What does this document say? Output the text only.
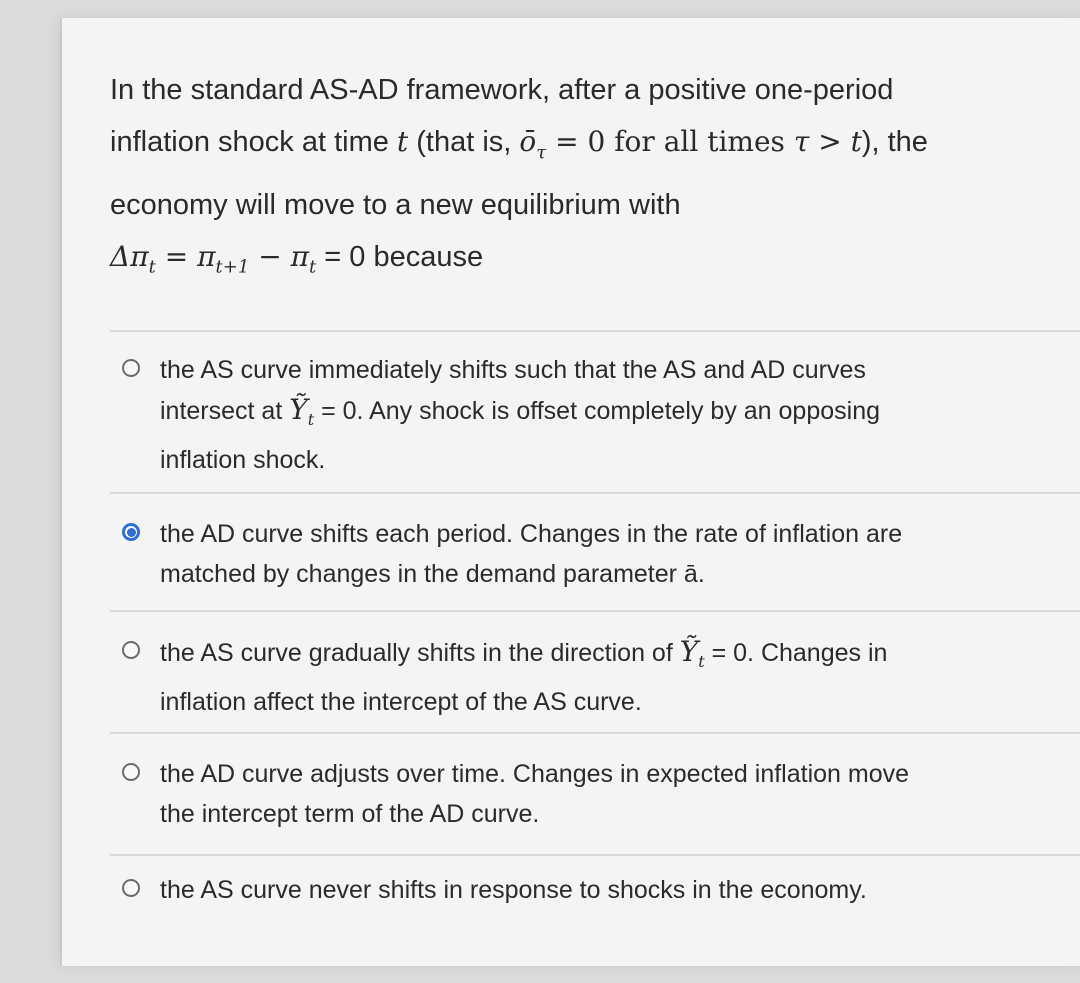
In the standard AS-AD framework, after a positive one-period
inflation shock at time t (that is, $ō_\tau = 0$ for all times τ > t), the
economy will move to a new equilibrium with
$\Delta\pi_t = \pi_{t+1} - \pi_t = 0$ because
the AS curve immediately shifts such that the AS and AD curves
intersect at Ỹ$_t$ = 0. Any shock is offset completely by an opposing
inflation shock.
the AD curve shifts each period. Changes in the rate of inflation are
matched by changes in the demand parameter ā.
the AS curve gradually shifts in the direction of Ỹ$_t$ = 0. Changes in
inflation affect the intercept of the AS curve.
the AD curve adjusts over time. Changes in expected inflation move
the intercept term of the AD curve.
the AS curve never shifts in response to shocks in the economy.
